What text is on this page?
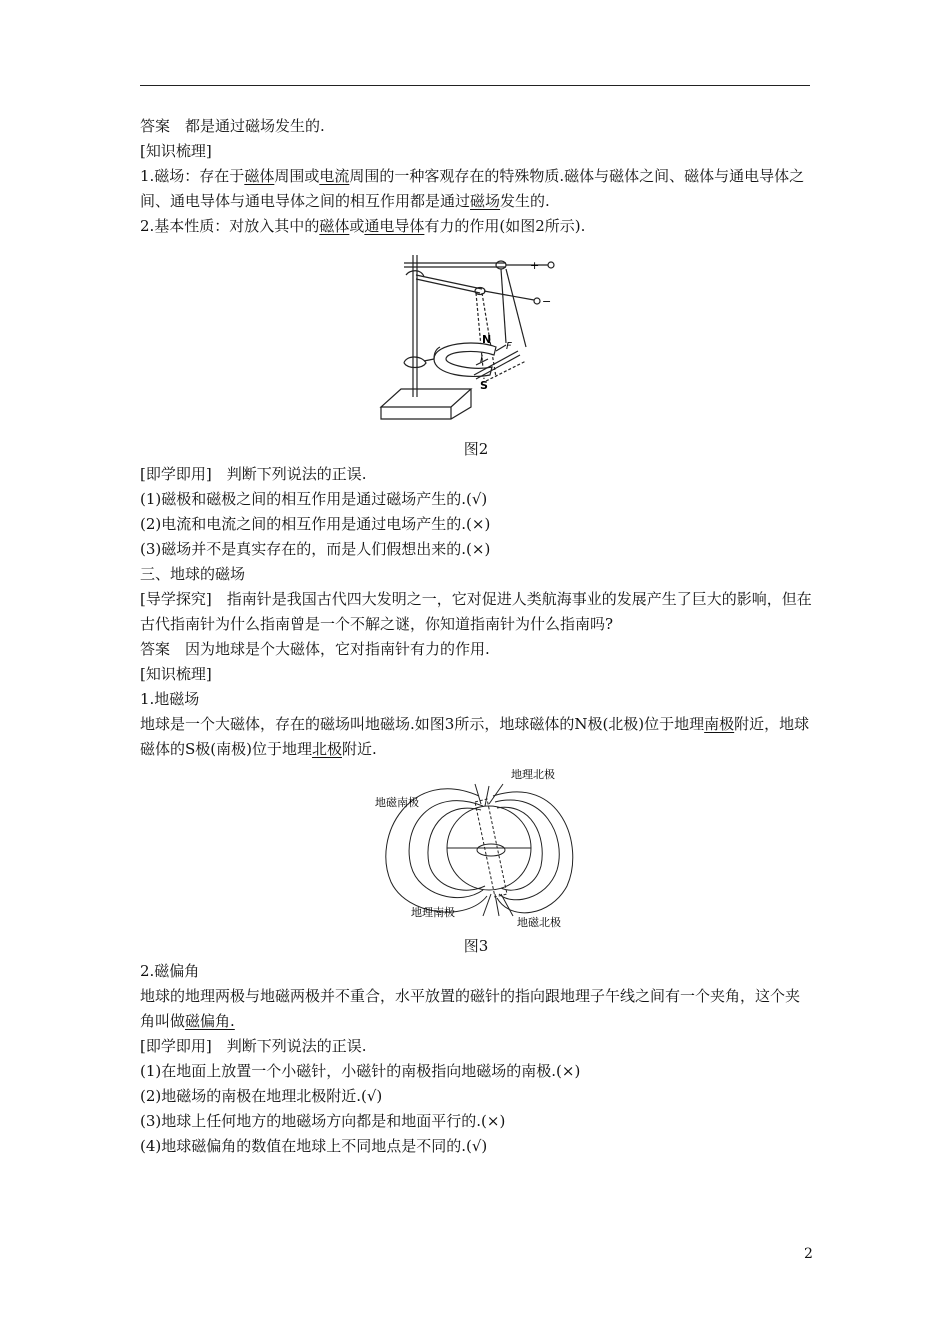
答案　都是通过磁场发生的.

[知识梳理]

1.磁场：存在于磁体周围或电流周围的一种客观存在的特殊物质.磁体与磁体之间、磁体与通电导体之间、通电导体与通电导体之间的相互作用都是通过磁场发生的.

2.基本性质：对放入其中的磁体或通电导体有力的作用(如图2所示).

+
−
N
S
I
F

图2

[即学即用]　判断下列说法的正误.

(1)磁极和磁极之间的相互作用是通过磁场产生的.(√)

(2)电流和电流之间的相互作用是通过电场产生的.(×)

(3)磁场并不是真实存在的，而是人们假想出来的.(×)

三、地球的磁场

[导学探究]　指南针是我国古代四大发明之一，它对促进人类航海事业的发展产生了巨大的影响，但在古代指南针为什么指南曾是一个不解之谜，你知道指南针为什么指南吗?

答案　因为地球是个大磁体，它对指南针有力的作用.

[知识梳理]

1.地磁场

地球是一个大磁体，存在的磁场叫地磁场.如图3所示，地球磁体的N极(北极)位于地理南极附近，地球磁体的S极(南极)位于地理北极附近.

地理北极
地磁南极
地理南极
地磁北极

图3

2.磁偏角

地球的地理两极与地磁两极并不重合，水平放置的磁针的指向跟地理子午线之间有一个夹角，这个夹角叫做磁偏角.

[即学即用]　判断下列说法的正误.

(1)在地面上放置一个小磁针，小磁针的南极指向地磁场的南极.(×)

(2)地磁场的南极在地理北极附近.(√)

(3)地球上任何地方的地磁场方向都是和地面平行的.(×)

(4)地球磁偏角的数值在地球上不同地点是不同的.(√)

2
